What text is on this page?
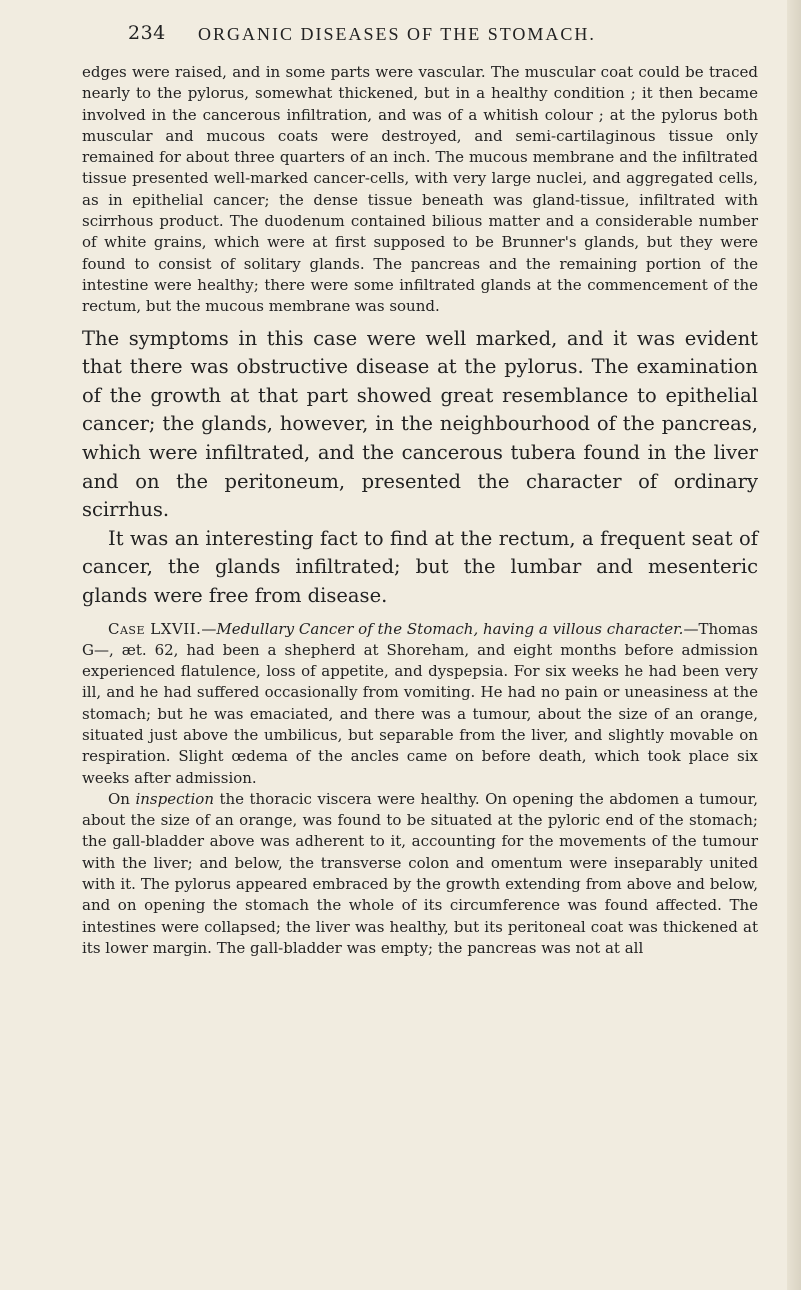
234 ORGANIC DISEASES OF THE STOMACH.

edges were raised, and in some parts were vascular. The muscular coat could be traced nearly to the pylorus, somewhat thickened, but in a healthy condition ; it then became involved in the cancerous infiltration, and was of a whitish colour ; at the pylorus both muscular and mucous coats were destroyed, and semi-cartilaginous tissue only remained for about three quarters of an inch. The mucous membrane and the infiltrated tissue presented well-marked cancer-cells, with very large nuclei, and aggregated cells, as in epithelial cancer; the dense tissue beneath was gland-tissue, infiltrated with scirrhous product. The duodenum contained bilious matter and a considerable number of white grains, which were at first supposed to be Brunner's glands, but they were found to consist of solitary glands. The pancreas and the remaining portion of the intestine were healthy; there were some infiltrated glands at the commencement of the rectum, but the mucous membrane was sound.

The symptoms in this case were well marked, and it was evident that there was obstructive disease at the pylorus. The examination of the growth at that part showed great resemblance to epithelial cancer; the glands, however, in the neighbourhood of the pancreas, which were infiltrated, and the cancerous tubera found in the liver and on the peritoneum, presented the character of ordinary scirrhus.

It was an interesting fact to find at the rectum, a frequent seat of cancer, the glands infiltrated; but the lumbar and mesenteric glands were free from disease.

Case LXVII.—Medullary Cancer of the Stomach, having a villous character.—Thomas G—, æt. 62, had been a shepherd at Shoreham, and eight months before admission experienced flatulence, loss of appetite, and dyspepsia. For six weeks he had been very ill, and he had suffered occasionally from vomiting. He had no pain or uneasiness at the stomach; but he was emaciated, and there was a tumour, about the size of an orange, situated just above the umbilicus, but separable from the liver, and slightly movable on respiration. Slight œdema of the ancles came on before death, which took place six weeks after admission.

On inspection the thoracic viscera were healthy. On opening the abdomen a tumour, about the size of an orange, was found to be situated at the pyloric end of the stomach; the gall-bladder above was adherent to it, accounting for the movements of the tumour with the liver; and below, the transverse colon and omentum were inseparably united with it. The pylorus appeared embraced by the growth extending from above and below, and on opening the stomach the whole of its circumference was found affected. The intestines were collapsed; the liver was healthy, but its peritoneal coat was thickened at its lower margin. The gall-bladder was empty; the pancreas was not at all
